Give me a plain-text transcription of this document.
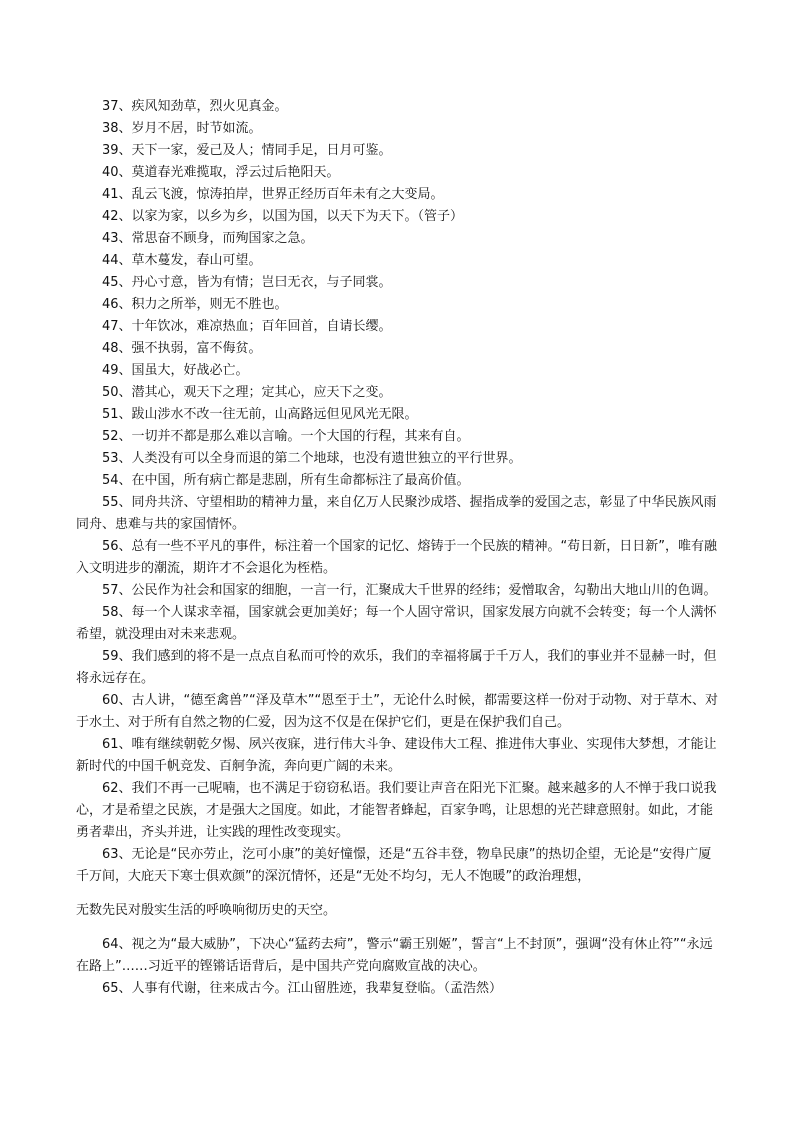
37、疾风知劲草，烈火见真金。

38、岁月不居，时节如流。

39、天下一家，爱己及人；情同手足，日月可鉴。

40、莫道春光难揽取，浮云过后艳阳天。

41、乱云飞渡，惊涛拍岸，世界正经历百年未有之大变局。

42、以家为家，以乡为乡，以国为国，以天下为天下。（管子）

43、常思奋不顾身，而殉国家之急。

44、草木蔓发，春山可望。

45、丹心寸意，皆为有情；岂曰无衣，与子同裳。

46、积力之所举，则无不胜也。

47、十年饮冰，难凉热血；百年回首，自请长缨。

48、强不执弱，富不侮贫。

49、国虽大，好战必亡。

50、潜其心，观天下之理；定其心，应天下之变。

51、跋山涉水不改一往无前，山高路远但见风光无限。

52、一切并不都是那么难以言喻。一个大国的行程，其来有自。

53、人类没有可以全身而退的第二个地球，也没有遗世独立的平行世界。

54、在中国，所有病亡都是悲剧，所有生命都标注了最高价值。

55、同舟共济、守望相助的精神力量，来自亿万人民聚沙成塔、握指成拳的爱国之志，彰显了中华民族风雨同舟、患难与共的家国情怀。

56、总有一些不平凡的事件，标注着一个国家的记忆、熔铸于一个民族的精神。“苟日新，日日新”，唯有融入文明进步的潮流，期许才不会退化为桎梏。

57、公民作为社会和国家的细胞，一言一行，汇聚成大千世界的经纬；爱憎取舍，勾勒出大地山川的色调。

58、每一个人谋求幸福，国家就会更加美好；每一个人固守常识，国家发展方向就不会转变；每一个人满怀希望，就没理由对未来悲观。

59、我们感到的将不是一点点自私而可怜的欢乐，我们的幸福将属于千万人，我们的事业并不显赫一时，但将永远存在。

60、古人讲，“德至禽兽”“泽及草木”“恩至于土”，无论什么时候，都需要这样一份对于动物、对于草木、对于水土、对于所有自然之物的仁爱，因为这不仅是在保护它们，更是在保护我们自己。

61、唯有继续朝乾夕惕、夙兴夜寐，进行伟大斗争、建设伟大工程、推进伟大事业、实现伟大梦想，才能让新时代的中国千帆竞发、百舸争流，奔向更广阔的未来。

62、我们不再一己呢喃，也不满足于窃窃私语。我们要让声音在阳光下汇聚。越来越多的人不惮于我口说我心，才是希望之民族，才是强大之国度。如此，才能智者蜂起，百家争鸣，让思想的光芒肆意照射。如此，才能勇者辈出，齐头并进，让实践的理性改变现实。

63、无论是“民亦劳止，汔可小康”的美好憧憬，还是“五谷丰登，物阜民康”的热切企望，无论是“安得广厦千万间，大庇天下寒士俱欢颜”的深沉情怀，还是“无处不均匀，无人不饱暖”的政治理想，

无数先民对殷实生活的呼唤响彻历史的天空。

64、视之为“最大威胁”，下决心“猛药去疴”，警示“霸王别姬”，誓言“上不封顶”，强调“没有休止符”“永远在路上”……习近平的铿锵话语背后，是中国共产党向腐败宣战的决心。

65、人事有代谢，往来成古今。江山留胜迹，我辈复登临。（孟浩然）
